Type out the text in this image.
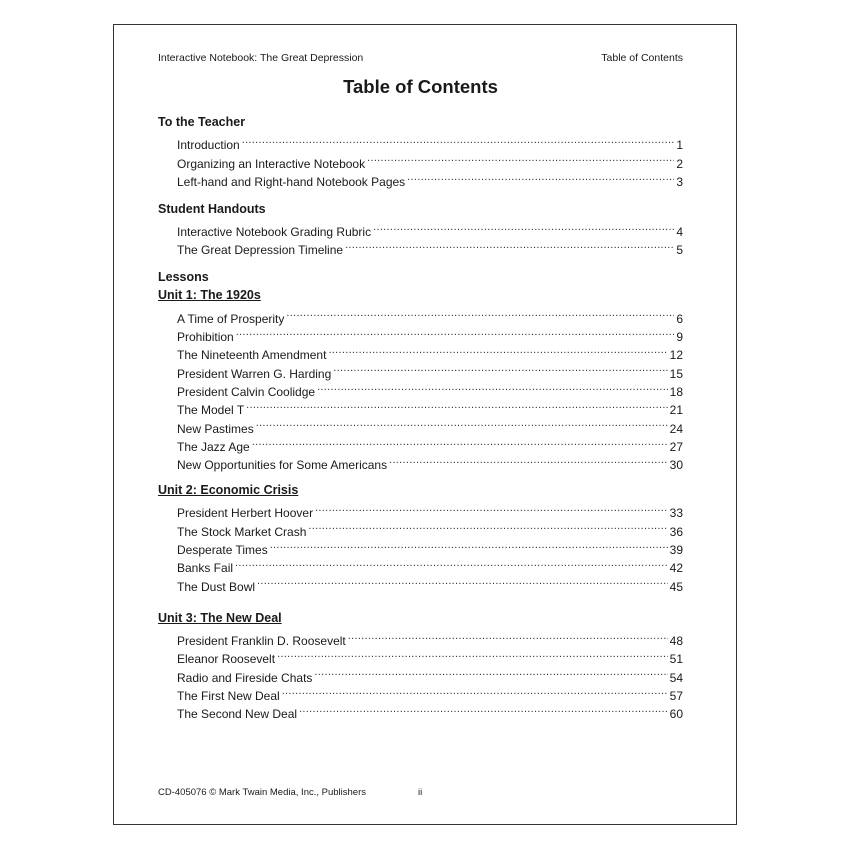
Interactive Notebook: The Great Depression	Table of Contents
Table of Contents
To the Teacher
Introduction .....	1
Organizing an Interactive Notebook .....	2
Left-hand and Right-hand Notebook Pages .....	3
Student Handouts
Interactive Notebook Grading Rubric .....	4
The Great Depression Timeline .....	5
Lessons
Unit 1: The 1920s
A Time of Prosperity .....	6
Prohibition .....	9
The Nineteenth Amendment .....	12
President Warren G. Harding .....	15
President Calvin Coolidge .....	18
The Model T .....	21
New Pastimes .....	24
The Jazz Age .....	27
New Opportunities for Some Americans .....	30
Unit 2: Economic Crisis
President Herbert Hoover .....	33
The Stock Market Crash .....	36
Desperate Times .....	39
Banks Fail .....	42
The Dust Bowl .....	45
Unit 3: The New Deal
President Franklin D. Roosevelt .....	48
Eleanor Roosevelt .....	51
Radio and Fireside Chats .....	54
The First New Deal .....	57
The Second New Deal .....	60
CD-405076 © Mark Twain Media, Inc., Publishers	ii
